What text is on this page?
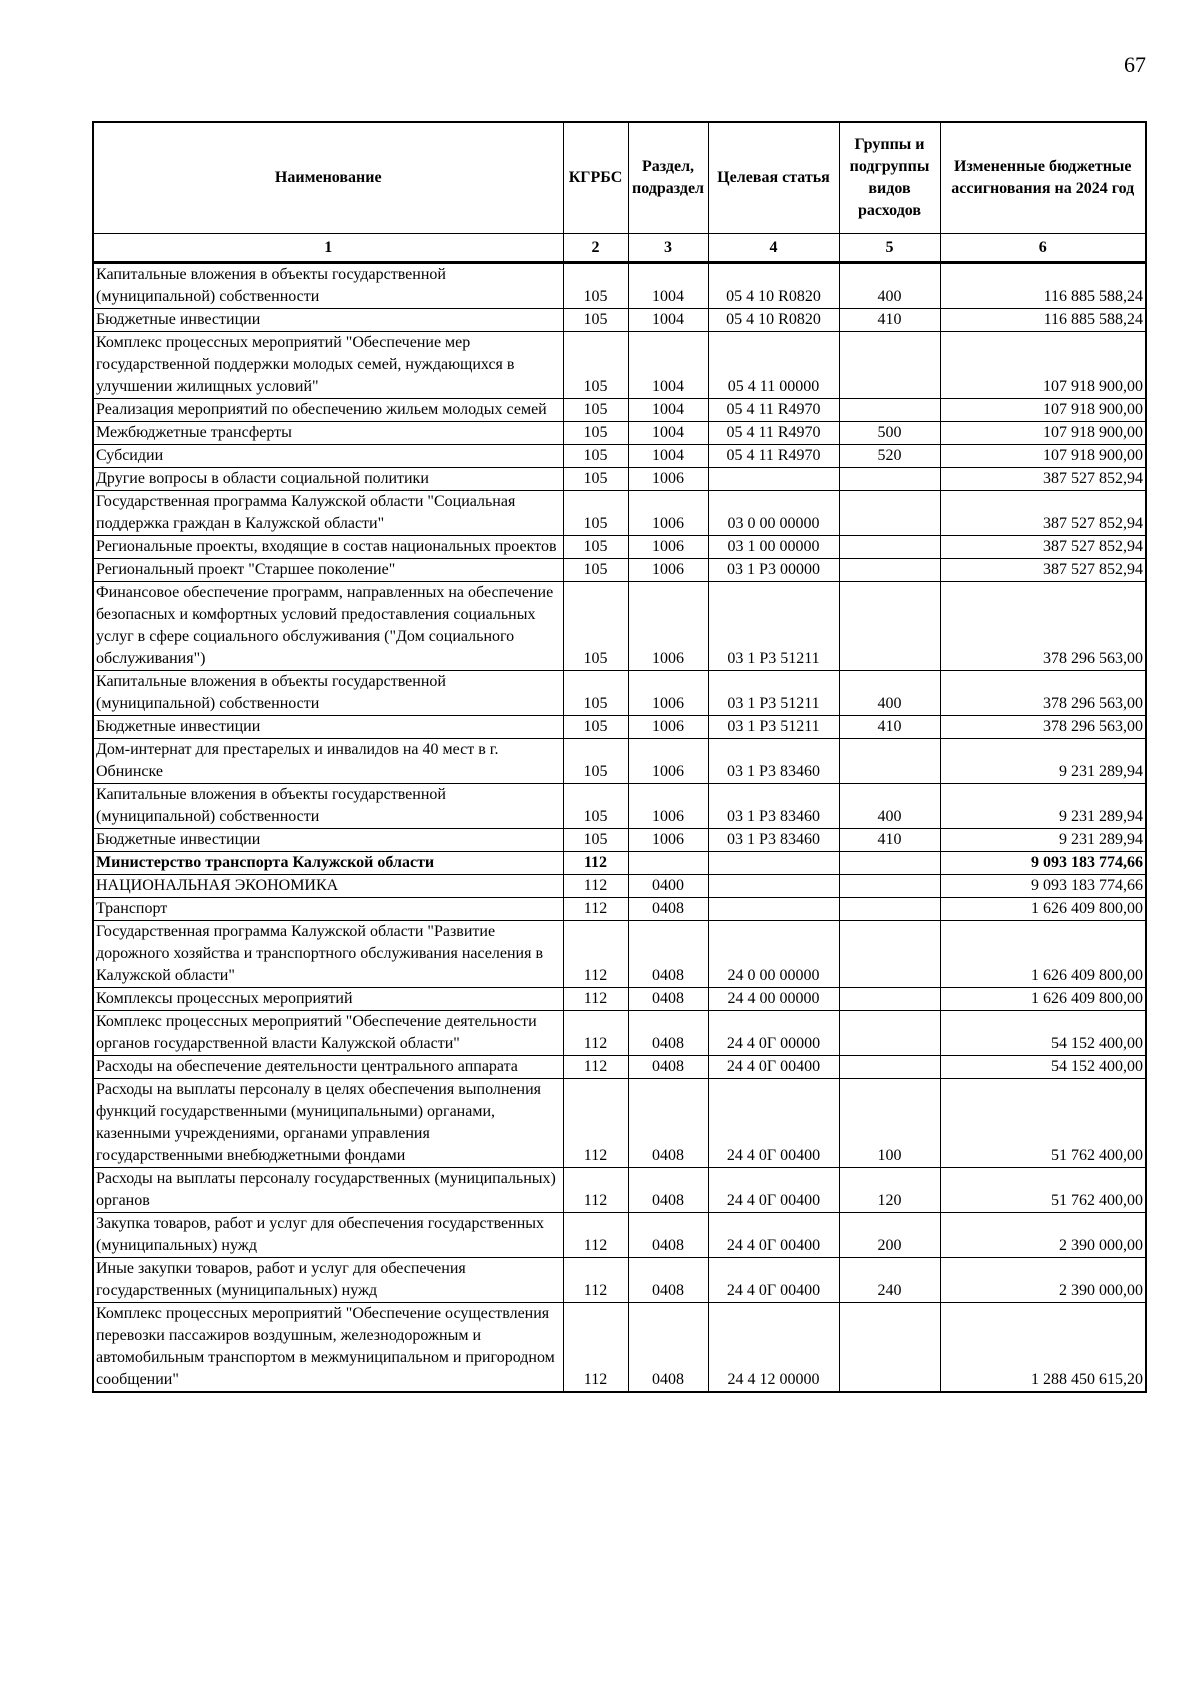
67
Наименование	КГРБС	Раздел, подраздел	Целевая статья	Группы и подгруппы видов расходов	Измененные бюджетные ассигнования на 2024 год
1	2	3	4	5	6
Капитальные вложения в объекты государственной (муниципальной) собственности	105	1004	05 4 10 R0820	400	116 885 588,24
Бюджетные инвестиции	105	1004	05 4 10 R0820	410	116 885 588,24
Комплекс процессных мероприятий "Обеспечение мер государственной поддержки молодых семей, нуждающихся в улучшении жилищных условий"	105	1004	05 4 11 00000		107 918 900,00
Реализация мероприятий по обеспечению жильем молодых семей	105	1004	05 4 11 R4970		107 918 900,00
Межбюджетные трансферты	105	1004	05 4 11 R4970	500	107 918 900,00
Субсидии	105	1004	05 4 11 R4970	520	107 918 900,00
Другие вопросы в области социальной политики	105	1006			387 527 852,94
Государственная программа Калужской области "Социальная поддержка граждан в Калужской области"	105	1006	03 0 00 00000		387 527 852,94
Региональные проекты, входящие в состав национальных проектов	105	1006	03 1 00 00000		387 527 852,94
Региональный проект "Старшее поколение"	105	1006	03 1 P3 00000		387 527 852,94
Финансовое обеспечение программ, направленных на обеспечение безопасных и комфортных условий предоставления социальных услуг в сфере социального обслуживания ("Дом социального обслуживания")	105	1006	03 1 P3 51211		378 296 563,00
Капитальные вложения в объекты государственной (муниципальной) собственности	105	1006	03 1 P3 51211	400	378 296 563,00
Бюджетные инвестиции	105	1006	03 1 P3 51211	410	378 296 563,00
Дом-интернат для престарелых и инвалидов на 40 мест в г. Обнинске	105	1006	03 1 P3 83460		9 231 289,94
Капитальные вложения в объекты государственной (муниципальной) собственности	105	1006	03 1 P3 83460	400	9 231 289,94
Бюджетные инвестиции	105	1006	03 1 P3 83460	410	9 231 289,94
Министерство транспорта Калужской области	112				9 093 183 774,66
НАЦИОНАЛЬНАЯ ЭКОНОМИКА	112	0400			9 093 183 774,66
Транспорт	112	0408			1 626 409 800,00
Государственная программа Калужской области "Развитие дорожного хозяйства и транспортного обслуживания населения в Калужской области"	112	0408	24 0 00 00000		1 626 409 800,00
Комплексы процессных мероприятий	112	0408	24 4 00 00000		1 626 409 800,00
Комплекс процессных мероприятий "Обеспечение деятельности органов государственной власти Калужской области"	112	0408	24 4 0Г 00000		54 152 400,00
Расходы на обеспечение деятельности центрального аппарата	112	0408	24 4 0Г 00400		54 152 400,00
Расходы на выплаты персоналу в целях обеспечения выполнения функций государственными (муниципальными) органами, казенными учреждениями, органами управления государственными внебюджетными фондами	112	0408	24 4 0Г 00400	100	51 762 400,00
Расходы на выплаты персоналу государственных (муниципальных) органов	112	0408	24 4 0Г 00400	120	51 762 400,00
Закупка товаров, работ и услуг для обеспечения государственных (муниципальных) нужд	112	0408	24 4 0Г 00400	200	2 390 000,00
Иные закупки товаров, работ и услуг для обеспечения государственных (муниципальных) нужд	112	0408	24 4 0Г 00400	240	2 390 000,00
Комплекс процессных мероприятий "Обеспечение осуществления перевозки пассажиров воздушным, железнодорожным и автомобильным транспортом в межмуниципальном и пригородном сообщении"	112	0408	24 4 12 00000		1 288 450 615,20
